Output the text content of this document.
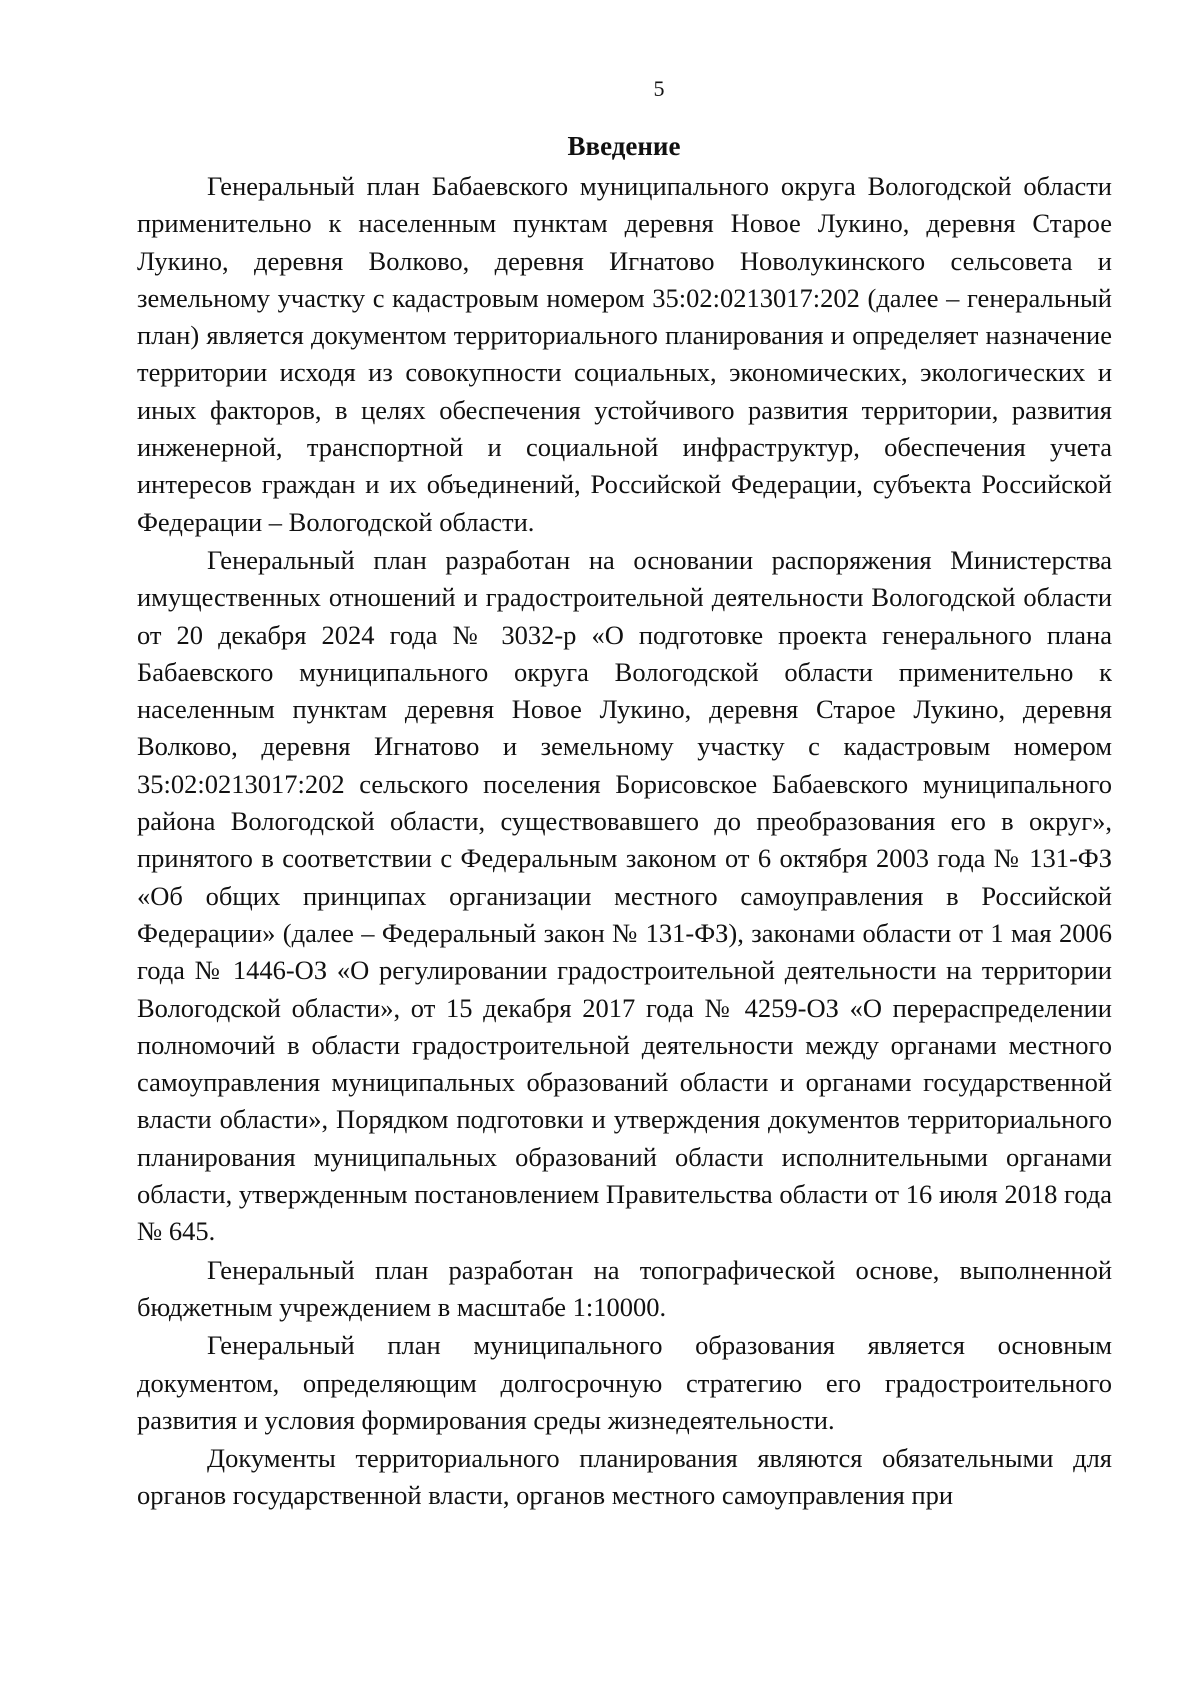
5
Введение

Генеральный план Бабаевского муниципального округа Вологодской области применительно к населенным пунктам деревня Новое Лукино, деревня Старое Лукино, деревня Волково, деревня Игнатово Новолукинского сельсовета и земельному участку с кадастровым номером 35:02:0213017:202 (далее – генеральный план) является документом территориального планирования и определяет назначение территории исходя из совокупности социальных, экономических, экологических и иных факторов, в целях обеспечения устойчивого развития территории, развития инженерной, транспортной и социальной инфраструктур, обеспечения учета интересов граждан и их объединений, Российской Федерации, субъекта Российской Федерации – Вологодской области.

Генеральный план разработан на основании распоряжения Министерства имущественных отношений и градостроительной деятельности Вологодской области от 20 декабря 2024 года № 3032-р «О подготовке проекта генерального плана Бабаевского муниципального округа Вологодской области применительно к населенным пунктам деревня Новое Лукино, деревня Старое Лукино, деревня Волково, деревня Игнатово и земельному участку с кадастровым номером 35:02:0213017:202 сельского поселения Борисовское Бабаевского муниципального района Вологодской области, существовавшего до преобразования его в округ», принятого в соответствии с Федеральным законом от 6 октября 2003 года № 131-ФЗ «Об общих принципах организации местного самоуправления в Российской Федерации» (далее – Федеральный закон № 131-ФЗ), законами области от 1 мая 2006 года № 1446-ОЗ «О регулировании градостроительной деятельности на территории Вологодской области», от 15 декабря 2017 года № 4259-ОЗ «О перераспределении полномочий в области градостроительной деятельности между органами местного самоуправления муниципальных образований области и органами государственной власти области», Порядком подготовки и утверждения документов территориального планирования муниципальных образований области исполнительными органами области, утвержденным постановлением Правительства области от 16 июля 2018 года № 645.

Генеральный план разработан на топографической основе, выполненной бюджетным учреждением в масштабе 1:10000.

Генеральный план муниципального образования является основным документом, определяющим долгосрочную стратегию его градостроительного развития и условия формирования среды жизнедеятельности.

Документы территориального планирования являются обязательными для органов государственной власти, органов местного самоуправления при
